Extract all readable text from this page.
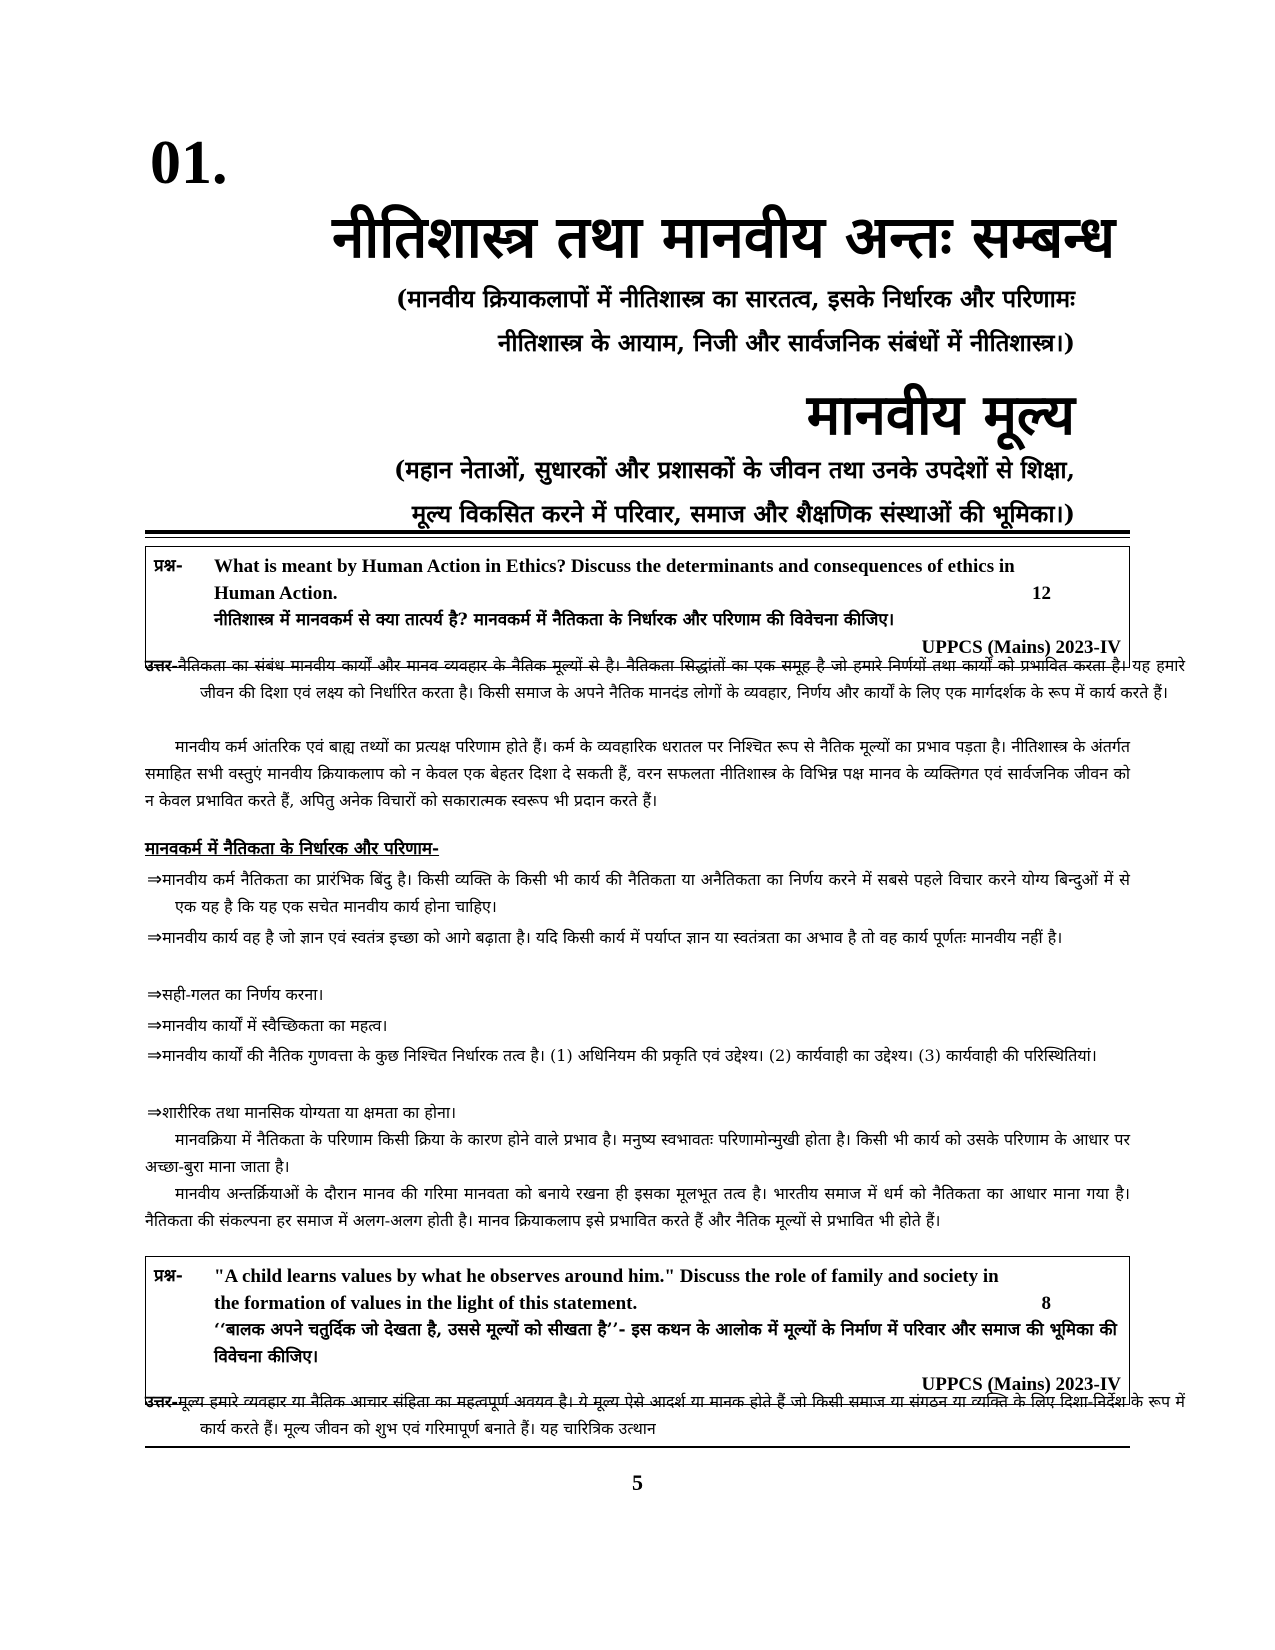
01.
नीतिशास्त्र तथा मानवीय अन्तः सम्बन्ध
(मानवीय क्रियाकलापों में नीतिशास्त्र का सारतत्व, इसके निर्धारक और परिणामः
नीतिशास्त्र के आयाम, निजी और सार्वजनिक संबंधों में नीतिशास्त्र।)
मानवीय मूल्य
(महान नेताओं, सुधारकों और प्रशासकों के जीवन तथा उनके उपदेशों से शिक्षा,
मूल्य विकसित करने में परिवार, समाज और शैक्षणिक संस्थाओं की भूमिका।)
प्रश्न- What is meant by Human Action in Ethics? Discuss the determinants and consequences of ethics in
Human Action.	12
नीतिशास्त्र में मानवकर्म से क्या तात्पर्य है? मानवकर्म में नैतिकता के निर्धारक और परिणाम की विवेचना कीजिए।
UPPCS (Mains) 2023-IV
उत्तर-नैतिकता का संबंध मानवीय कार्यों और मानव व्यवहार के नैतिक मूल्यों से है। नैतिकता सिद्धांतों का एक समूह है जो हमारे निर्णयों तथा कार्यों को प्रभावित करता है। यह हमारे जीवन की दिशा एवं लक्ष्य को निर्धारित करता है। किसी समाज के अपने नैतिक मानदंड लोगों के व्यवहार, निर्णय और कार्यों के लिए एक मार्गदर्शक के रूप में कार्य करते हैं।
मानवीय कर्म आंतरिक एवं बाह्य तथ्यों का प्रत्यक्ष परिणाम होते हैं। कर्म के व्यवहारिक धरातल पर निश्चित रूप से नैतिक मूल्यों का प्रभाव पड़ता है। नीतिशास्त्र के अंतर्गत समाहित सभी वस्तुएं मानवीय क्रियाकलाप को न केवल एक बेहतर दिशा दे सकती हैं, वरन सफलता नीतिशास्त्र के विभिन्न पक्ष मानव के व्यक्तिगत एवं सार्वजनिक जीवन को न केवल प्रभावित करते हैं, अपितु अनेक विचारों को सकारात्मक स्वरूप भी प्रदान करते हैं।
मानवकर्म में नैतिकता के निर्धारक और परिणाम-
⇒मानवीय कर्म नैतिकता का प्रारंभिक बिंदु है। किसी व्यक्ति के किसी भी कार्य की नैतिकता या अनैतिकता का निर्णय करने में सबसे पहले विचार करने योग्य बिन्दुओं में से एक यह है कि यह एक सचेत मानवीय कार्य होना चाहिए।
⇒मानवीय कार्य वह है जो ज्ञान एवं स्वतंत्र इच्छा को आगे बढ़ाता है। यदि किसी कार्य में पर्याप्त ज्ञान या स्वतंत्रता का अभाव है तो वह कार्य पूर्णतः मानवीय नहीं है।
⇒सही-गलत का निर्णय करना।
⇒मानवीय कार्यों में स्वैच्छिकता का महत्व।
⇒मानवीय कार्यों की नैतिक गुणवत्ता के कुछ निश्चित निर्धारक तत्व है। (1) अधिनियम की प्रकृति एवं उद्देश्य। (2) कार्यवाही का उद्देश्य। (3) कार्यवाही की परिस्थितियां।
⇒शारीरिक तथा मानसिक योग्यता या क्षमता का होना।
मानवक्रिया में नैतिकता के परिणाम किसी क्रिया के कारण होने वाले प्रभाव है। मनुष्य स्वभावतः परिणामोन्मुखी होता है। किसी भी कार्य को उसके परिणाम के आधार पर अच्छा-बुरा माना जाता है।
मानवीय अन्तर्क्रियाओं के दौरान मानव की गरिमा मानवता को बनाये रखना ही इसका मूलभूत तत्व है। भारतीय समाज में धर्म को नैतिकता का आधार माना गया है। नैतिकता की संकल्पना हर समाज में अलग-अलग होती है। मानव क्रियाकलाप इसे प्रभावित करते हैं और नैतिक मूल्यों से प्रभावित भी होते हैं।
प्रश्न- "A child learns values by what he observes around him." Discuss the role of family and society in
the formation of values in the light of this statement.	8
‘‘बालक अपने चतुर्दिक जो देखता है, उससे मूल्यों को सीखता है’’- इस कथन के आलोक में मूल्यों के निर्माण में परिवार और समाज की भूमिका की विवेचना कीजिए।
UPPCS (Mains) 2023-IV
उत्तर-मूल्य हमारे व्यवहार या नैतिक आचार संहिता का महत्वपूर्ण अवयव है। ये मूल्य ऐसे आदर्श या मानक होते हैं जो किसी समाज या संगठन या व्यक्ति के लिए दिशा-निर्देश के रूप में कार्य करते हैं। मूल्य जीवन को शुभ एवं गरिमापूर्ण बनाते हैं। यह चारित्रिक उत्थान
5
